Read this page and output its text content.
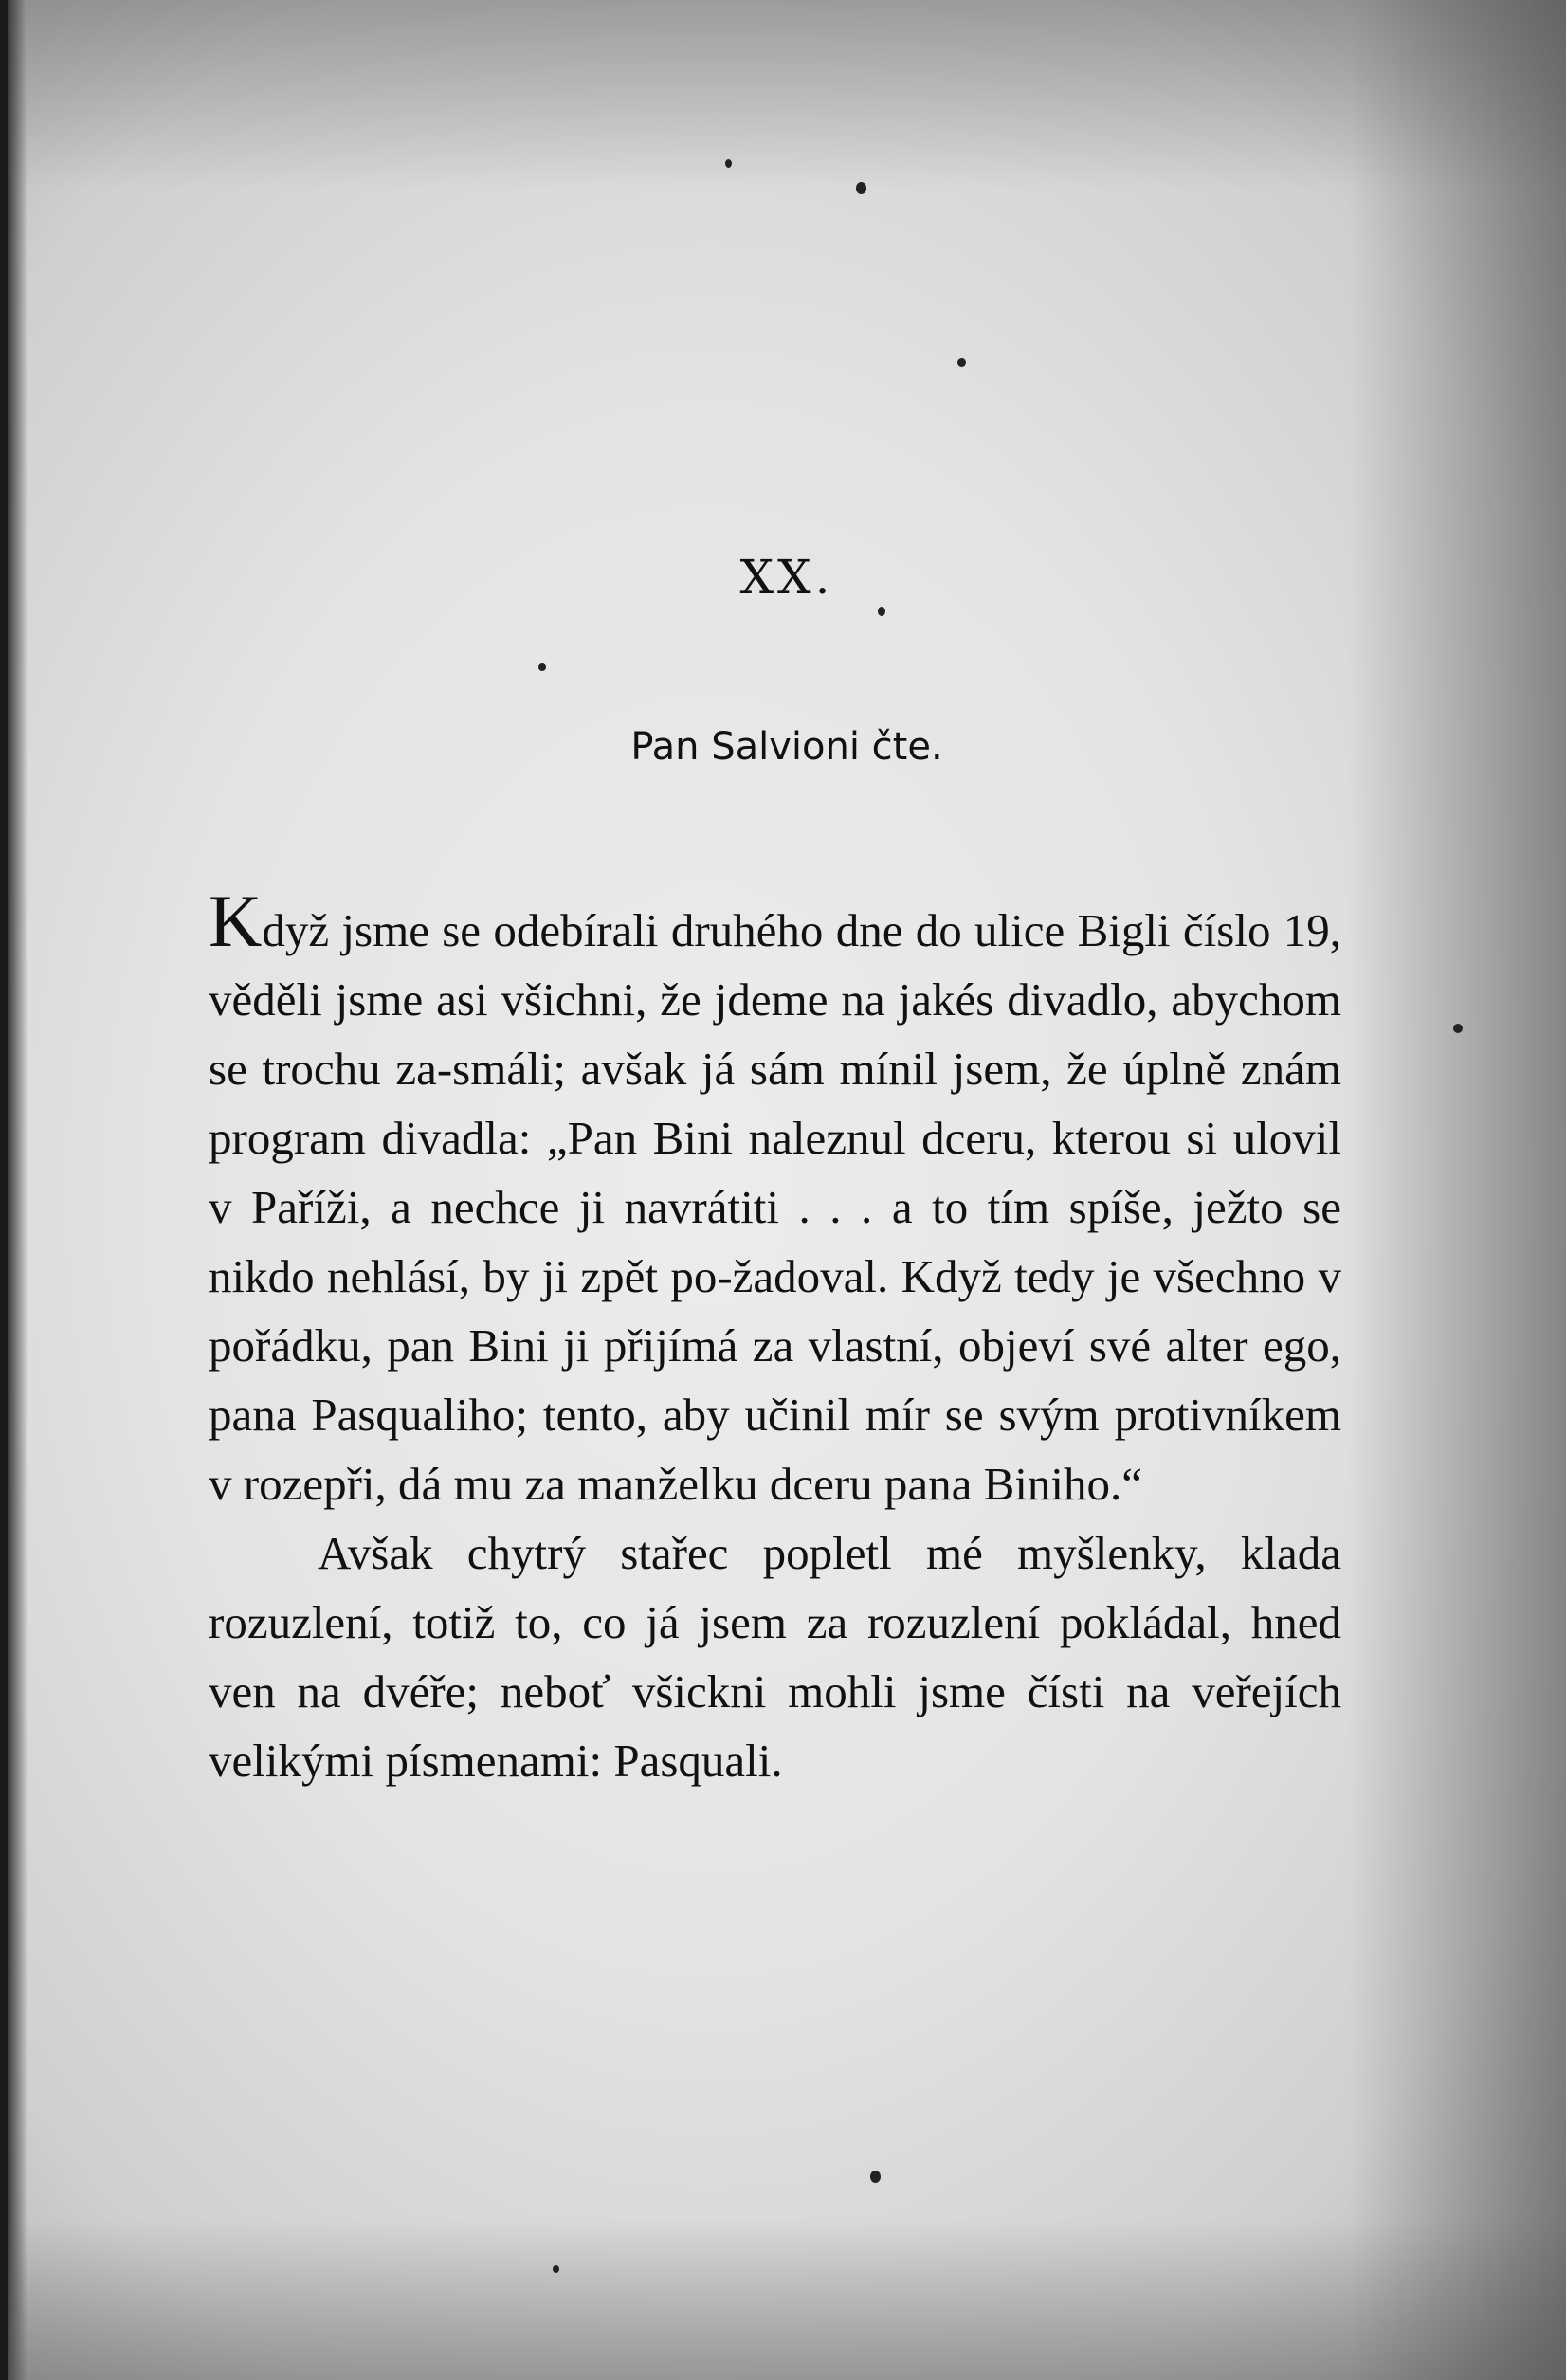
XX.
Pan Salvioni čte.

Když jsme se odebírali druhého dne do ulice Bigli číslo 19, věděli jsme asi všichni, že jdeme na jakés divadlo, abychom se trochu za-smáli; avšak já sám mínil jsem, že úplně znám program divadla: „Pan Bini naleznul dceru, kterou si ulovil v Paříži, a nechce ji navrátiti . . . a to tím spíše, ježto se nikdo nehlásí, by ji zpět po-žadoval. Když tedy je všechno v pořádku, pan Bini ji přijímá za vlastní, objeví své alter ego, pana Pasqualiho; tento, aby učinil mír se svým protivníkem v rozepři, dá mu za manželku dceru pana Biniho.“

Avšak chytrý stařec popletl mé myšlenky, klada rozuzlení, totiž to, co já jsem za rozuzlení pokládal, hned ven na dvéře; neboť všickni mohli jsme čísti na veřejích velikými písmenami: Pasquali.
